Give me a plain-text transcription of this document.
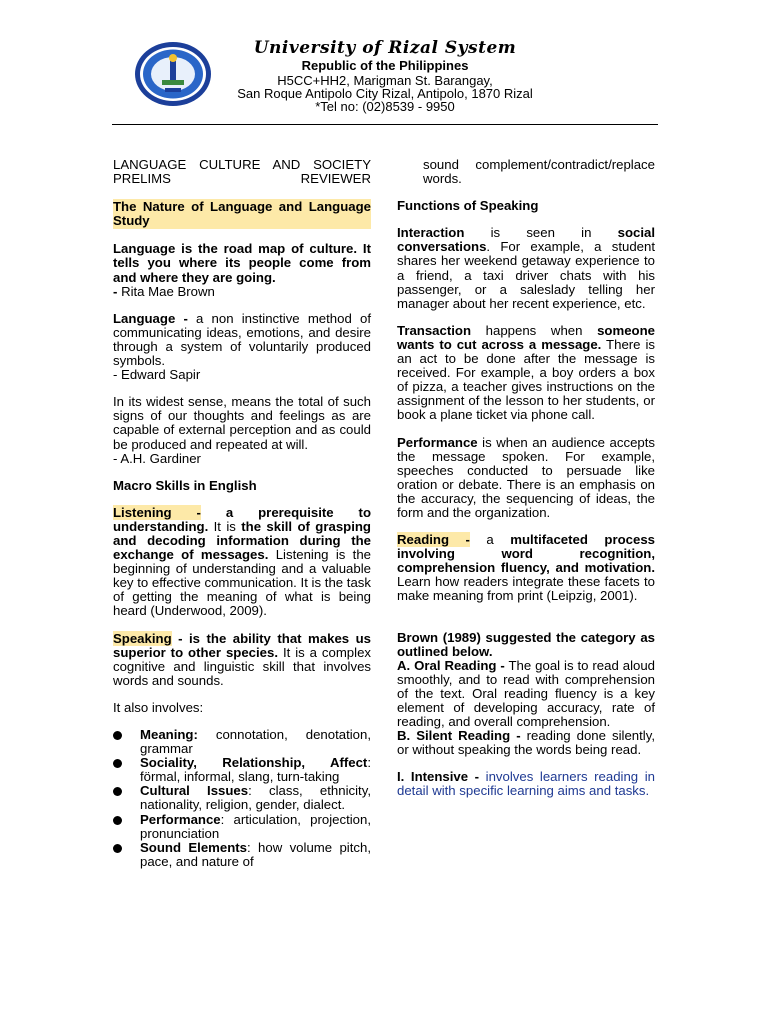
University of Rizal System
Republic of the Philippines
H5CC+HH2, Marigman St. Barangay,
San Roque Antipolo City Rizal, Antipolo, 1870 Rizal
*Tel no: (02)8539 - 9950

LANGUAGE CULTURE AND SOCIETY PRELIMS REVIEWER

The Nature of Language and Language Study

Language is the road map of culture. It tells you where its people come from and where they are going.
- Rita Mae Brown

Language - a non instinctive method of communicating ideas, emotions, and desire through a system of voluntarily produced symbols.
- Edward Sapir

In its widest sense, means the total of such signs of our thoughts and feelings as are capable of external perception and as could be produced and repeated at will.
- A.H. Gardiner

Macro Skills in English

Listening - a prerequisite to understanding. It is the skill of grasping and decoding information during the exchange of messages. Listening is the beginning of understanding and a valuable key to effective communication. It is the task of getting the meaning of what is being heard (Underwood, 2009).

Speaking - is the ability that makes us superior to other species. It is a complex cognitive and linguistic skill that involves words and sounds.

It also involves:

Meaning: connotation, denotation, grammar
Sociality, Relationship, Affect: förmal, informal, slang, turn-taking
Cultural Issues: class, ethnicity, nationality, religion, gender, dialect.
Performance: articulation, projection, pronunciation
Sound Elements: how volume pitch, pace, and nature of

sound complement/contradict/replace words.

Functions of Speaking

Interaction is seen in social conversations. For example, a student shares her weekend getaway experience to a friend, a taxi driver chats with his passenger, or a saleslady telling her manager about her recent experience, etc.

Transaction happens when someone wants to cut across a message. There is an act to be done after the message is received. For example, a boy orders a box of pizza, a teacher gives instructions on the assignment of the lesson to her students, or book a plane ticket via phone call.

Performance is when an audience accepts the message spoken. For example, speeches conducted to persuade like oration or debate. There is an emphasis on the accuracy, the sequencing of ideas, the form and the organization.

Reading - a multifaceted process involving word recognition, comprehension fluency, and motivation. Learn how readers integrate these facets to make meaning from print (Leipzig, 2001).

Brown (1989) suggested the category as outlined below.

A. Oral Reading - The goal is to read aloud smoothly, and to read with comprehension of the text. Oral reading fluency is a key element of developing accuracy, rate of reading, and overall comprehension.

B. Silent Reading - reading done silently, or without speaking the words being read.

I. Intensive - involves learners reading in detail with specific learning aims and tasks.
